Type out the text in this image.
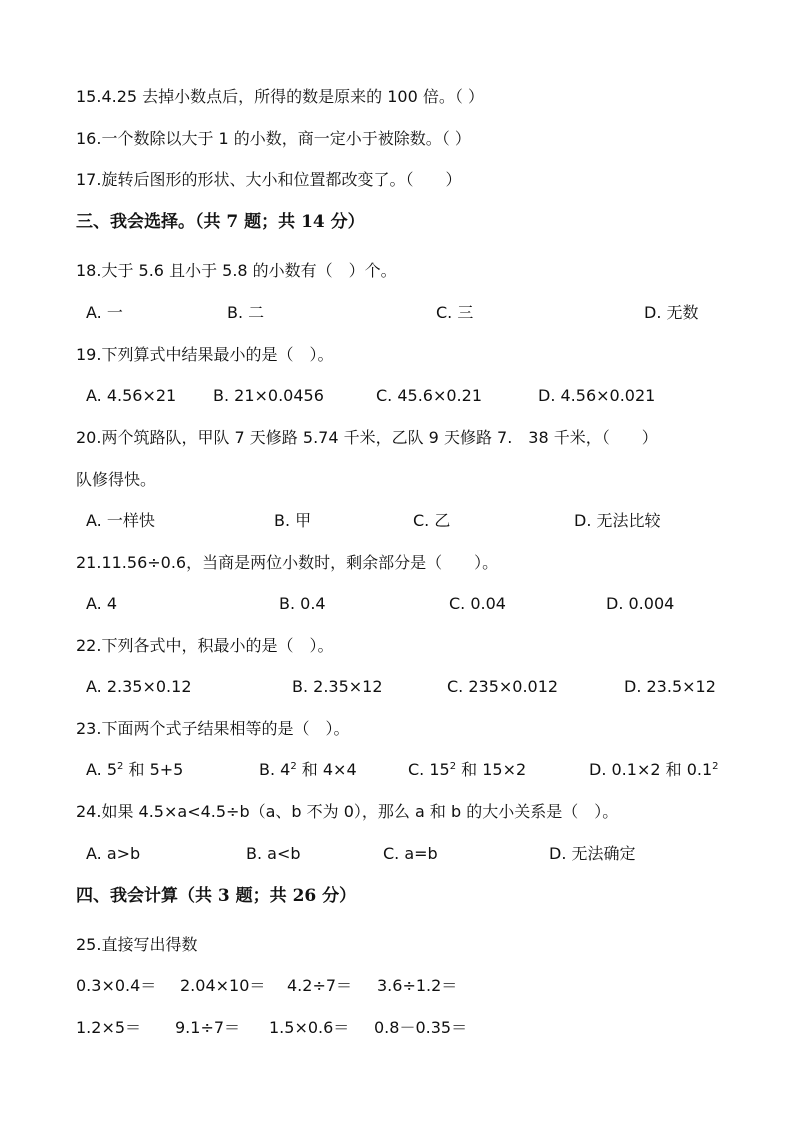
15.4.25 去掉小数点后，所得的数是原来的 100 倍。（ ）
16.一个数除以大于 1 的小数，商一定小于被除数。（ ）
17.旋转后图形的形状、大小和位置都改变了。（　　）
三、我会选择。（共 7 题；共 14 分）
18.大于 5.6 且小于 5.8 的小数有（　）个。
A. 一	B. 二	C. 三	D. 无数
19.下列算式中结果最小的是（　）。
A. 4.56×21 B. 21×0.0456	C. 45.6×0.21	D. 4.56×0.021
20.两个筑路队，甲队 7 天修路 5.74 千米，乙队 9 天修路 7.　38 千米，（　　）
队修得快。
A. 一样快	B. 甲	C. 乙	D. 无法比较
21.11.56÷0.6，当商是两位小数时，剩余部分是（　　）。
A. 4	B. 0.4	C. 0.04	D. 0.004
22.下列各式中，积最小的是（　）。
A. 2.35×0.12	B. 2.35×12	C. 235×0.012	D. 23.5×12
23.下面两个式子结果相等的是（　）。
A. $5^2$ 和 5+5	B. $4^2$ 和 4×4	C. $15^2$ 和 15×2	D. 0.1×2 和 $0.1^2$
24.如果 4.5×a<4.5÷b（a、b 不为 0），那么 a 和 b 的大小关系是（　）。
A. a>b	B. a<b	C. a=b	D. 无法确定
四、我会计算（共 3 题；共 26 分）
25.直接写出得数
0.3×0.4＝ 2.04×10＝ 4.2÷7＝ 3.6÷1.2＝
1.2×5＝ 9.1÷7＝ 1.5×0.6＝ 0.8－0.35＝
